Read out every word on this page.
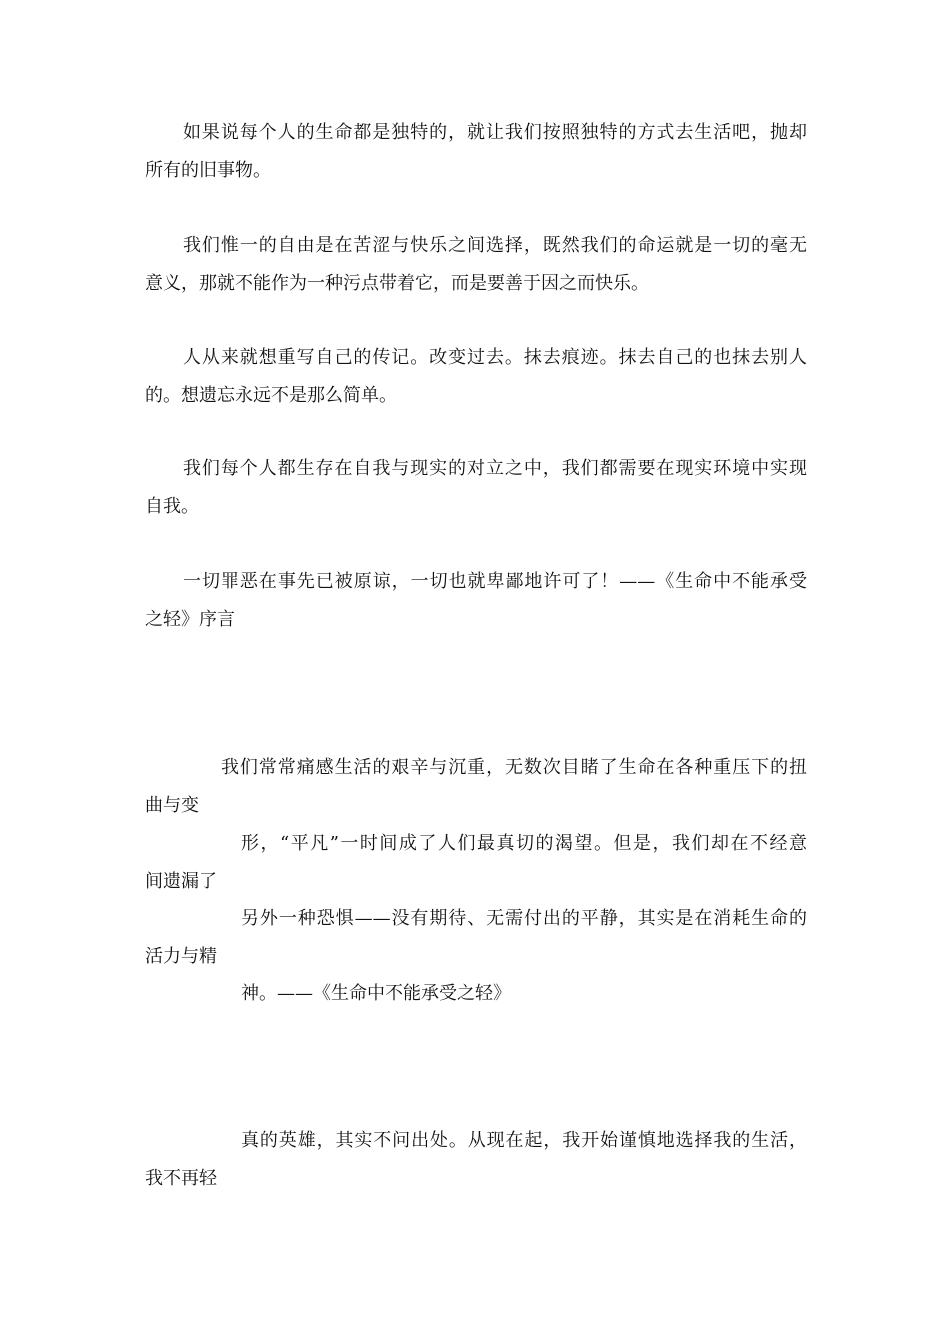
如果说每个人的生命都是独特的，就让我们按照独特的方式去生活吧，抛却
所有的旧事物。
我们惟一的自由是在苦涩与快乐之间选择，既然我们的命运就是一切的毫无
意义，那就不能作为一种污点带着它，而是要善于因之而快乐。
人从来就想重写自己的传记。改变过去。抹去痕迹。抹去自己的也抹去别人
的。想遗忘永远不是那么简单。
我们每个人都生存在自我与现实的对立之中，我们都需要在现实环境中实现
自我。
一切罪恶在事先已被原谅，一切也就卑鄙地许可了！——《生命中不能承受
之轻》序言
我们常常痛感生活的艰辛与沉重，无数次目睹了生命在各种重压下的扭
曲与变
形，“平凡”一时间成了人们最真切的渴望。但是，我们却在不经意
间遗漏了
另外一种恐惧——没有期待、无需付出的平静，其实是在消耗生命的
活力与精
神。——《生命中不能承受之轻》
真的英雄，其实不问出处。从现在起，我开始谨慎地选择我的生活，
我不再轻
